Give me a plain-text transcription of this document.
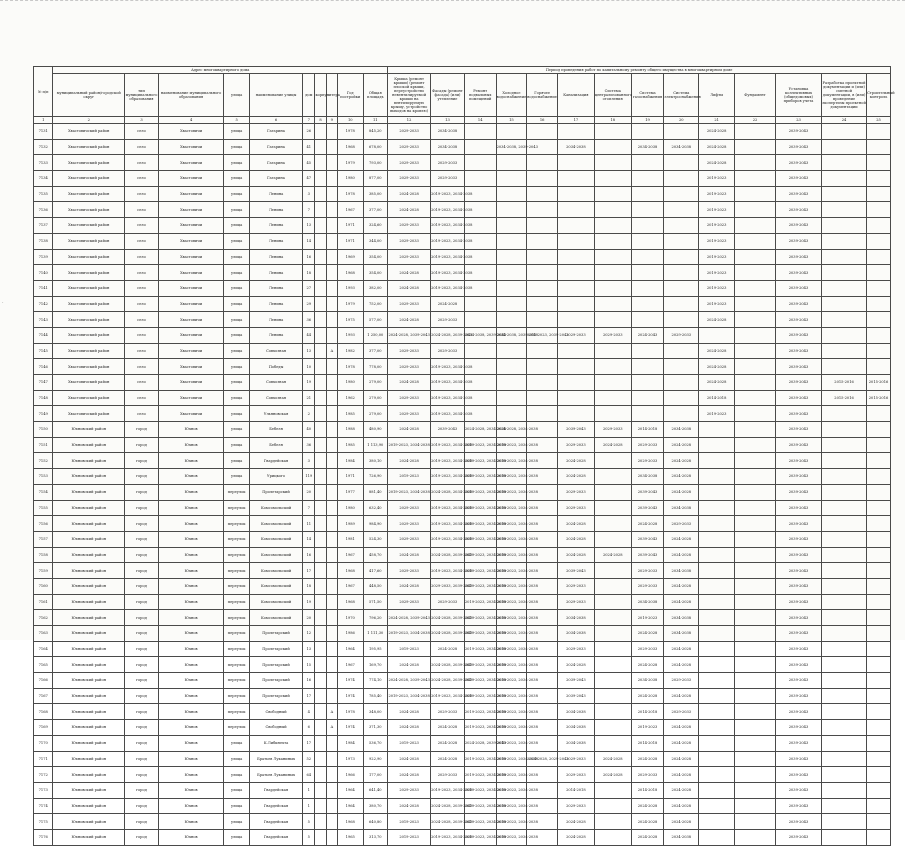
№ п/п	Адрес многоквартирного дома										Период проведения работ по капитальному ремонту общего имущества в многоквартирном доме													
	муниципальный район/городской округ	тип муниципального образования	наименование муниципального образования	улица	наименование улицы	дом	корпус	литера	Год постройки	Общая площадь	Крыша (ремонт крыши) (ремонт плоской крыши, переустройство невентилируемой крыши на вентилируемую крышу, устройство выходов на кровлю)	Фасады (ремонт фасада) (или) утепление	Ремонт подвальных помещений	Холодное водоснабжение	Горячее водоснабжение	Канализация	Система централизованного отопления	Система газоснабжения	Система электроснабжения	Лифты	Фундамент	Установка коллективных (общедомовых) приборов учета	Разработка проектной документации и (или) сметной документации, в (или) проведение экспертизы проектной документации	Строительный контроль
1	2	3	4	5	6	7	8	9	10	11	12	13	14	15	16	17	18	19	20	21	22	23	24	25
7131	Хвастовичский район	село	Хвастовичи	улица	Гагарина	26			1978	845,20	2029-2033	2034-2038								2024-2028		2039-2043		
7132	Хвастовичский район	село	Хвастовичи	улица	Гагарина	41			1968	678,00	2029-2033	2034-2038		2034-2038, 2039-2043		2034-2038		2034-2038	2034-2038	2024-2028		2039-2043		
7133	Хвастовичский район	село	Хвастовичи	улица	Гагарина	45			1979	793,00	2029-2033	2029-2033								2024-2028		2039-2043		
7134	Хвастовичский район	село	Хвастовичи	улица	Гагарина	47			1980	877,00	2029-2033	2029-2033								2019-2023		2039-2043		
7135	Хвастовичский район	село	Хвастовичи	улица	Ленина	3			1978	385,00	2024-2028	2019-2023, 2034-2038								2019-2023		2039-2043		
7136	Хвастовичский район	село	Хвастовичи	улица	Ленина	7			1967	377,00	2024-2028	2019-2023, 2034-2038								2019-2023		2039-2043		
7137	Хвастовичский район	село	Хвастовичи	улица	Ленина	13			1971	324,60	2029-2033	2019-2023, 2034-2038								2019-2023		2039-2043		
7138	Хвастовичский район	село	Хвастовичи	улица	Ленина	14			1971	344,00	2029-2033	2019-2023, 2034-2038								2019-2023		2039-2043		
7139	Хвастовичский район	село	Хвастовичи	улица	Ленина	16			1969	354,00	2029-2033	2019-2023, 2034-2038								2019-2023		2039-2043		
7140	Хвастовичский район	село	Хвастовичи	улица	Ленина	18			1968	354,00	2024-2028	2019-2023, 2034-2038								2019-2023		2039-2043		
7141	Хвастовичский район	село	Хвастовичи	улица	Ленина	27			1993	382,00	2024-2028	2019-2023, 2034-2038								2019-2023		2039-2043		
7142	Хвастовичский район	село	Хвастовичи	улица	Ленина	29			1979	752,00	2029-2033	2024-2028								2019-2023		2039-2043		
7143	Хвастовичский район	село	Хвастовичи	улица	Ленина	36			1975	577,00	2024-2028	2029-2033								2024-2028		2039-2043		
7144	Хвастовичский район	село	Хвастовичи	улица	Ленина	44			1993	1 250,00	2024-2028, 2039-2043	2024-2028, 2039-2043	2034-2038, 2039-2043	2034-2038, 2039-2043	2019-2023, 2039-2043	2029-2033	2029-2033	2024-2043	2029-2033			2039-2043		
7145	Хвастовичский район	село	Хвастовичи	улица	Совхозная	13		А	1982	377,00	2029-2033	2029-2033								2024-2028		2039-2043		
7146	Хвастовичский район	село	Хвастовичи	улица	Победы	10			1978	778,00	2029-2033	2019-2023, 2034-2038								2024-2028		2039-2043		
7147	Хвастовичский район	село	Хвастовичи	улица	Совхозная	19			1980	279,00	2024-2028	2019-2023, 2034-2038								2024-2028		2039-2043	2015-2016	2015-2016
7148	Хвастовичский район	село	Хвастовичи	улица	Совхозная	21			1962	279,00	2029-2033	2019-2023, 2034-2038								2014-2018		2039-2043	2015-2016	2015-2016
7149	Хвастовичский район	село	Хвастовичи	улица	Ульяновская	2			1985	279,00	2029-2033	2019-2023, 2034-2038								2019-2023		2039-2043		
7150	Юхновский район	город	Юхнов	улица	Бебеля	40			1988	480,90	2024-2028	2039-2043	2024-2028, 2034-2038	2024-2028, 2034-2038		2039-2043	2029-2033	2014-2018	2034-2038			2039-2043		
7151	Юхновский район	город	Юхнов	улица	Бебеля	36			1985	1 113,90	2019-2023, 2034-2038	2019-2023, 2034-2038	2019-2023, 2034-2038	2019-2023, 2034-2038		2029-2033	2024-2028	2029-2033	2024-2028			2039-2043		
7152	Юхновский район	город	Юхнов	улица	Гвардейская	3			1984	380,10	2024-2028	2019-2023, 2034-2038	2019-2023, 2034-2038	2019-2023, 2034-2038		2024-2028		2029-2033	2024-2028			2039-2043		
7153	Юхновский район	город	Юхнов	улица	Урицкого	119			1971	726,90	2019-2023	2019-2023, 2034-2038	2019-2023, 2034-2038	2019-2023, 2034-2038		2024-2028		2034-2038	2024-2028			2039-2043		
7154	Юхновский район	город	Юхнов	переулок	Пролетарский	20			1977	881,40	2019-2023, 2034-2038	2024-2028, 2034-2038	2019-2023, 2034-2038	2019-2023, 2034-2038		2029-2033		2039-2043	2024-2028			2039-2043		
7155	Юхновский район	город	Юхнов	переулок	Комсомольский	7			1980	632,40	2029-2033	2019-2023, 2034-2038	2019-2023, 2034-2038	2019-2023, 2034-2038		2029-2033		2039-2043	2034-2038			2039-2043		
7156	Юхновский район	город	Юхнов	переулок	Комсомольский	11			1989	984,90	2029-2033	2019-2023, 2034-2038	2019-2023, 2034-2038	2019-2023, 2034-2038		2024-2028		2024-2028	2029-2033			2039-2043		
7157	Юхновский район	город	Юхнов	переулок	Комсомольский	14			1981	524,30	2029-2033	2019-2023, 2034-2038	2019-2023, 2034-2038	2019-2023, 2034-2038		2024-2028		2039-2043	2024-2028			2039-2043		
7158	Юхновский район	город	Юхнов	переулок	Комсомольский	16			1967	458,70	2024-2028	2024-2028, 2039-2043	2019-2023, 2034-2038	2019-2023, 2034-2038		2024-2028	2024-2028	2039-2043	2024-2028			2039-2043		
7159	Юхновский район	город	Юхнов	переулок	Комсомольский	17			1968	417,60	2029-2033	2019-2023, 2034-2038	2019-2023, 2034-2038	2019-2023, 2034-2038		2039-2043		2029-2033	2034-2038			2039-2043		
7160	Юхновский район	город	Юхнов	переулок	Комсомольский	18			1967	448,50	2024-2028	2029-2033, 2039-2043	2019-2023, 2034-2038	2019-2023, 2034-2038		2029-2033		2029-2033	2024-2028			2039-2043		
7161	Юхновский район	город	Юхнов	переулок	Комсомольский	19			1968	571,50	2029-2033	2029-2033	2019-2023, 2034-2038	2019-2023, 2034-2038		2029-2033		2034-2038	2024-2028			2039-2043		
7162	Юхновский район	город	Юхнов	переулок	Комсомольский	20			1970	796,20	2024-2028, 2039-2043	2024-2028, 2039-2043	2019-2023, 2034-2038	2019-2023, 2034-2038		2034-2038		2019-2023	2034-2038			2039-2043		
7163	Юхновский район	город	Юхнов	переулок	Пролетарский	12			1986	1 111,30	2019-2023, 2034-2038	2024-2028, 2039-2043	2019-2023, 2034-2038	2019-2023, 2034-2038		2034-2038		2024-2028	2034-2038			2039-2043		
7164	Юхновский район	город	Юхнов	переулок	Пролетарский	13			1964	195,95	2019-2023	2024-2028	2019-2023, 2034-2038	2019-2023, 2034-2038		2029-2033		2029-2033	2024-2028			2039-2043		
7165	Юхновский район	город	Юхнов	переулок	Пролетарский	15			1967	169,70	2024-2028	2024-2028, 2039-2043	2019-2023, 2034-2038	2019-2023, 2034-2038		2024-2028		2024-2028	2024-2028			2039-2043		
7166	Юхновский район	город	Юхнов	переулок	Пролетарский	16			1974	774,10	2024-2028, 2039-2043	2024-2028, 2039-2043	2019-2023, 2034-2038	2019-2023, 2034-2038		2039-2043		2034-2038	2029-2033			2039-2043		
7167	Юхновский район	город	Юхнов	переулок	Пролетарский	17			1974	785,40	2019-2023, 2034-2038	2019-2023, 2034-2038	2019-2023, 2034-2038	2019-2023, 2034-2038		2039-2043		2024-2028	2024-2028			2039-2043		
7168	Юхновский район	город	Юхнов	переулок	Свободный	4		А	1978	348,00	2024-2028	2029-2033	2019-2023, 2034-2038	2019-2023, 2034-2038		2034-2038		2014-2018	2029-2033			2039-2043		
7169	Юхновский район	город	Юхнов	переулок	Свободный	6		А	1974	371,30	2024-2028	2024-2028	2019-2023, 2034-2038	2019-2023, 2034-2038		2034-2038		2019-2023	2024-2028			2039-2043		
7170	Юхновский район	город	Юхнов	улица	К.Либкнехта	17			1984	536,70	2019-2023	2024-2028	2024-2028, 2039-2043	2019-2023, 2034-2038		2034-2038		2014-2018	2024-2028			2039-2043		
7171	Юхновский район	город	Юхнов	улица	Братьев Луканиных	52			1973	922,90	2024-2028	2024-2028	2019-2023, 2034-2038	2019-2023, 2034-2038	2024-2028, 2029-2043	2029-2033	2024-2028	2024-2028	2024-2028			2039-2043		
7172	Юхновский район	город	Юхнов	улица	Братьев Луканиных	64			1966	177,00	2024-2028	2029-2033	2019-2023, 2034-2038	2019-2023, 2034-2038		2029-2033	2024-2028	2029-2033	2024-2028			2039-2043		
7173	Юхновский район	город	Юхнов	улица	Гвардейская	1			1964	641,40	2029-2033	2019-2023, 2034-2038	2019-2023, 2034-2038	2019-2023, 2034-2038		2014-2018		2014-2018	2024-2028			2039-2043		
7174	Юхновский район	город	Юхнов	улица	Гвардейская	1			1964	380,70	2024-2028	2024-2028, 2039-2043	2019-2023, 2034-2038	2019-2023, 2034-2038		2029-2033		2024-2028	2024-2028			2039-2043		
7175	Юхновский район	город	Юхнов	улица	Гвардейская	5			1968	640,80	2019-2023	2024-2028, 2039-2043	2019-2023, 2034-2038	2019-2023, 2034-2038		2024-2028		2024-2028	2024-2028			2039-2043		
7176	Юхновский район	город	Юхнов	улица	Гвардейская	5			1965	313,70	2019-2023	2019-2023, 2034-2038	2019-2023, 2034-2038	2019-2023, 2034-2038		2024-2028		2024-2028	2034-2038			2039-2043		
·
